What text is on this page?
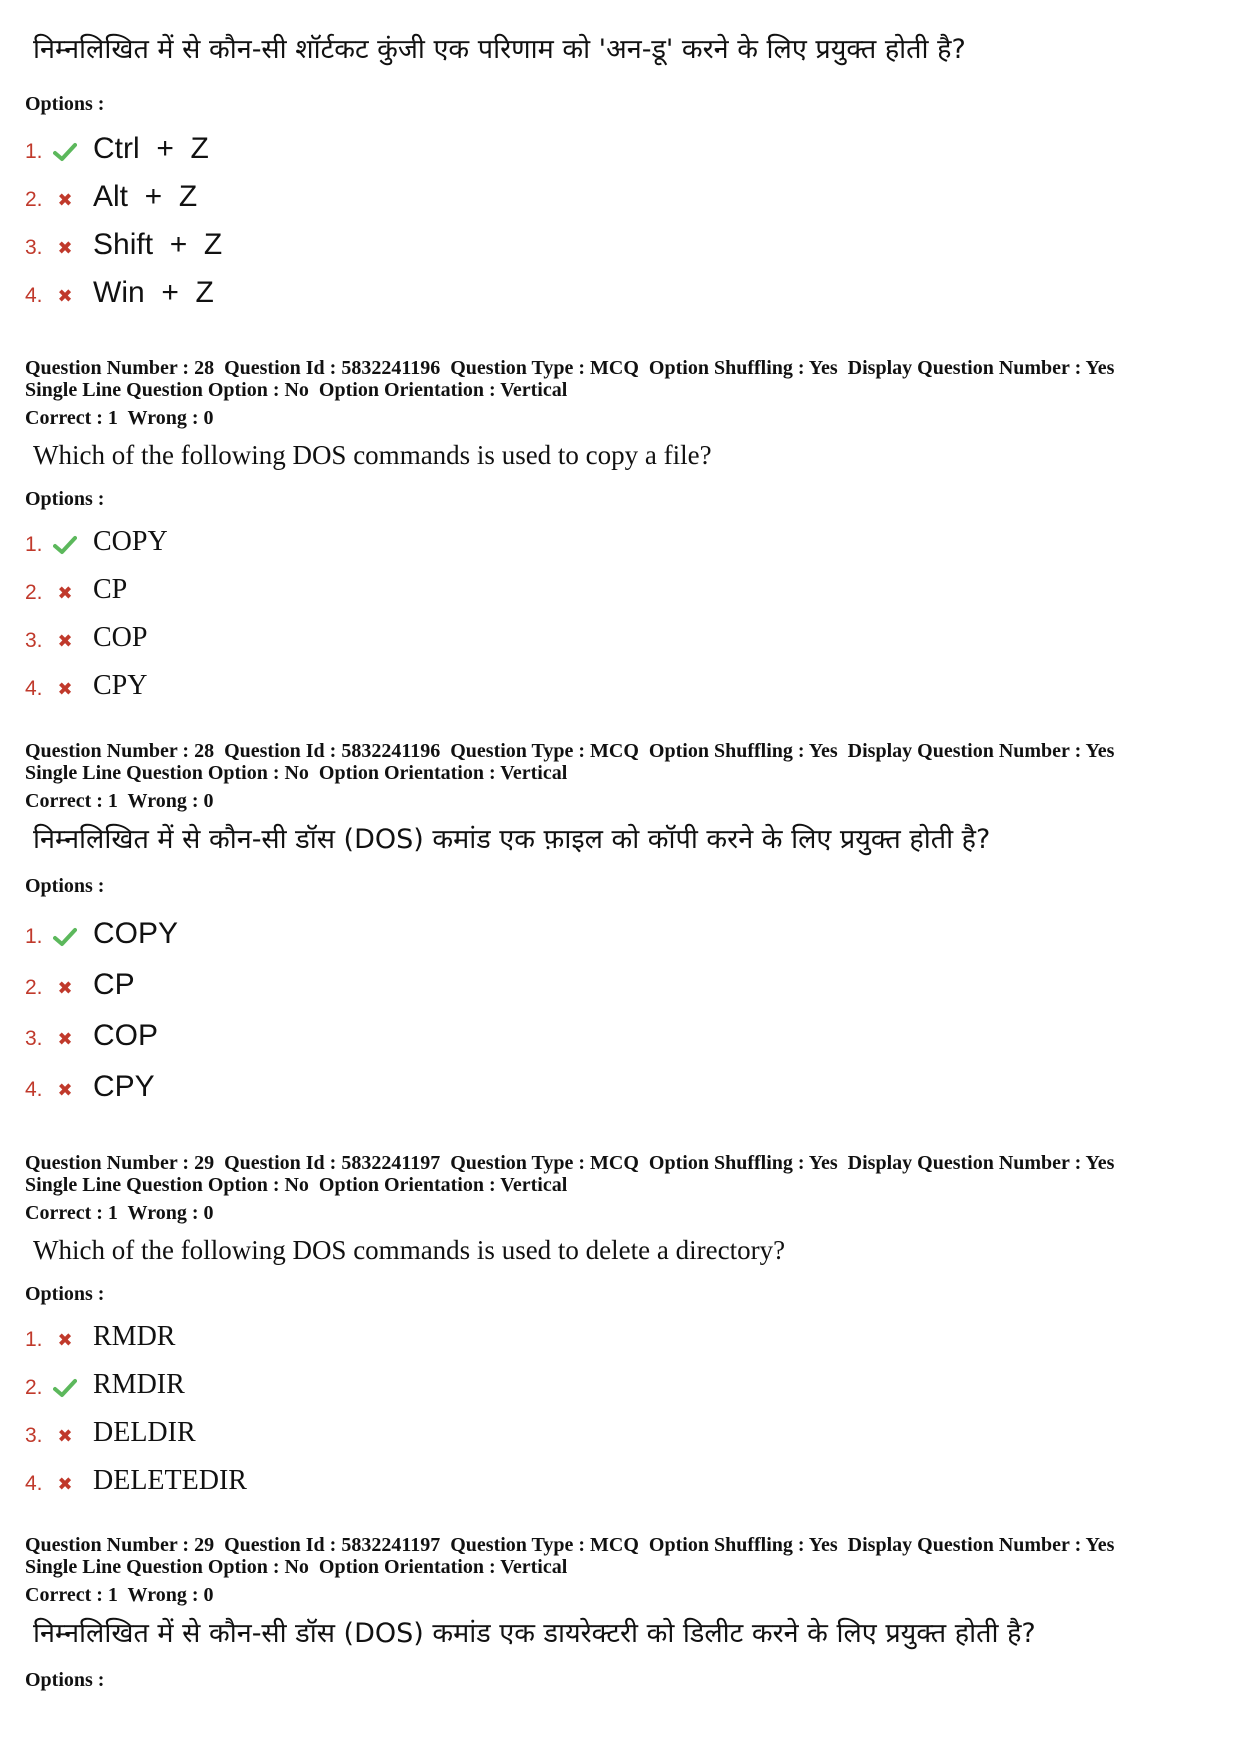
निम्नलिखित में से कौन-सी शॉर्टकट कुंजी एक परिणाम को 'अन-डू' करने के लिए प्रयुक्त होती है?
Options :
1. Ctrl  +  Z
2. ✖ Alt  +  Z
3. ✖ Shift  +  Z
4. ✖ Win  +  Z
Question Number : 28  Question Id : 5832241196  Question Type : MCQ  Option Shuffling : Yes  Display Question Number : Yes
Single Line Question Option : No  Option Orientation : Vertical
Correct : 1  Wrong : 0
Which of the following DOS commands is used to copy a file?
Options :
1. COPY
2. ✖ CP
3. ✖ COP
4. ✖ CPY
Question Number : 28  Question Id : 5832241196  Question Type : MCQ  Option Shuffling : Yes  Display Question Number : Yes
Single Line Question Option : No  Option Orientation : Vertical
Correct : 1  Wrong : 0
निम्नलिखित में से कौन-सी डॉस (DOS) कमांड एक फ़ाइल को कॉपी करने के लिए प्रयुक्त होती है?
Options :
1. COPY
2. ✖ CP
3. ✖ COP
4. ✖ CPY
Question Number : 29  Question Id : 5832241197  Question Type : MCQ  Option Shuffling : Yes  Display Question Number : Yes
Single Line Question Option : No  Option Orientation : Vertical
Correct : 1  Wrong : 0
Which of the following DOS commands is used to delete a directory?
Options :
1. ✖ RMDR
2. RMDIR
3. ✖ DELDIR
4. ✖ DELETEDIR
Question Number : 29  Question Id : 5832241197  Question Type : MCQ  Option Shuffling : Yes  Display Question Number : Yes
Single Line Question Option : No  Option Orientation : Vertical
Correct : 1  Wrong : 0
निम्नलिखित में से कौन-सी डॉस (DOS) कमांड एक डायरेक्टरी को डिलीट करने के लिए प्रयुक्त होती है?
Options :
